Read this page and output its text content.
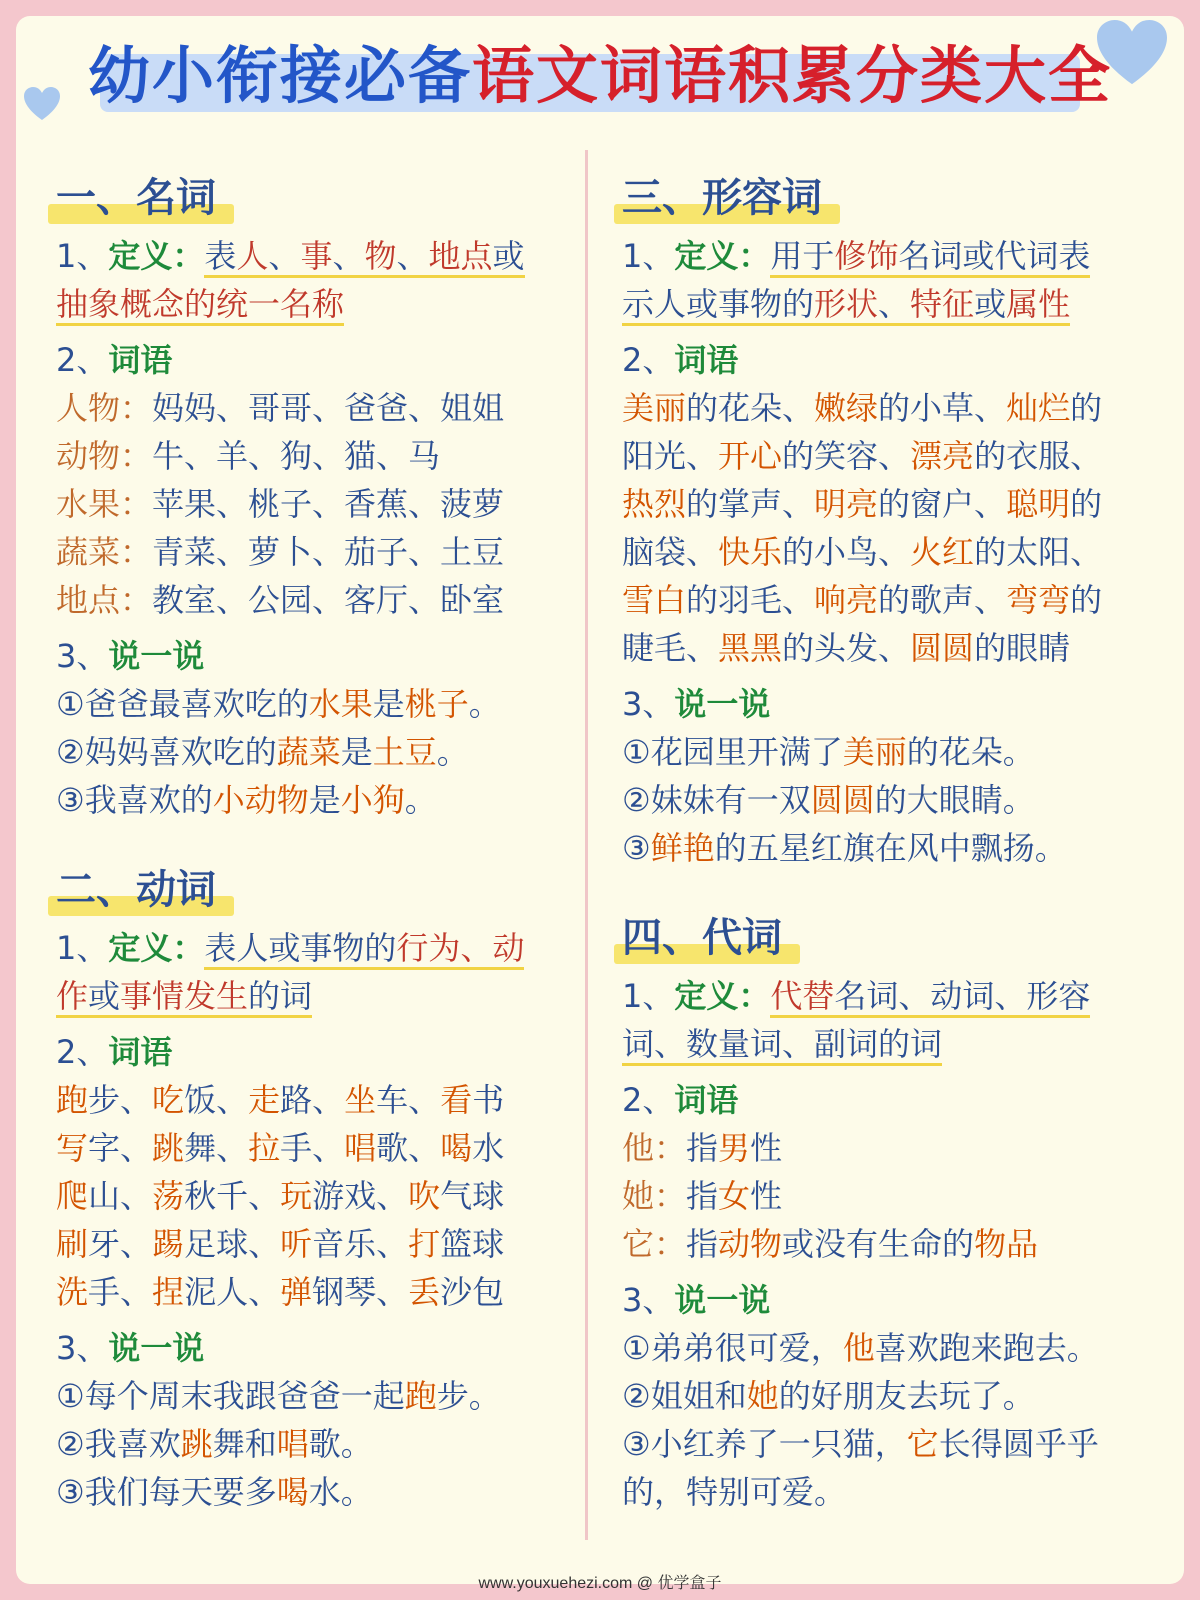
幼小衔接必备语文词语积累分类大全
一、名词
1、定义：表人、事、物、地点或
抽象概念的统一名称
2、词语
人物：妈妈、哥哥、爸爸、姐姐
动物：牛、羊、狗、猫、马
水果：苹果、桃子、香蕉、菠萝
蔬菜：青菜、萝卜、茄子、土豆
地点：教室、公园、客厅、卧室
3、说一说
①爸爸最喜欢吃的水果是桃子。
②妈妈喜欢吃的蔬菜是土豆。
③我喜欢的小动物是小狗。
二、动词
1、定义：表人或事物的行为、动
作或事情发生的词
2、词语
跑步、吃饭、走路、坐车、看书
写字、跳舞、拉手、唱歌、喝水
爬山、荡秋千、玩游戏、吹气球
刷牙、踢足球、听音乐、打篮球
洗手、捏泥人、弹钢琴、丢沙包
3、说一说
①每个周末我跟爸爸一起跑步。
②我喜欢跳舞和唱歌。
③我们每天要多喝水。
三、形容词
1、定义：用于修饰名词或代词表
示人或事物的形状、特征或属性
2、词语
美丽的花朵、嫩绿的小草、灿烂的
阳光、开心的笑容、漂亮的衣服、
热烈的掌声、明亮的窗户、聪明的
脑袋、快乐的小鸟、火红的太阳、
雪白的羽毛、响亮的歌声、弯弯的
睫毛、黑黑的头发、圆圆的眼睛
3、说一说
①花园里开满了美丽的花朵。
②妹妹有一双圆圆的大眼睛。
③鲜艳的五星红旗在风中飘扬。
四、代词
1、定义：代替名词、动词、形容
词、数量词、副词的词
2、词语
他：指男性
她：指女性
它：指动物或没有生命的物品
3、说一说
①弟弟很可爱，他喜欢跑来跑去。
②姐姐和她的好朋友去玩了。
③小红养了一只猫，它长得圆乎乎
的，特别可爱。
www.youxuehezi.com @ 优学盒子
